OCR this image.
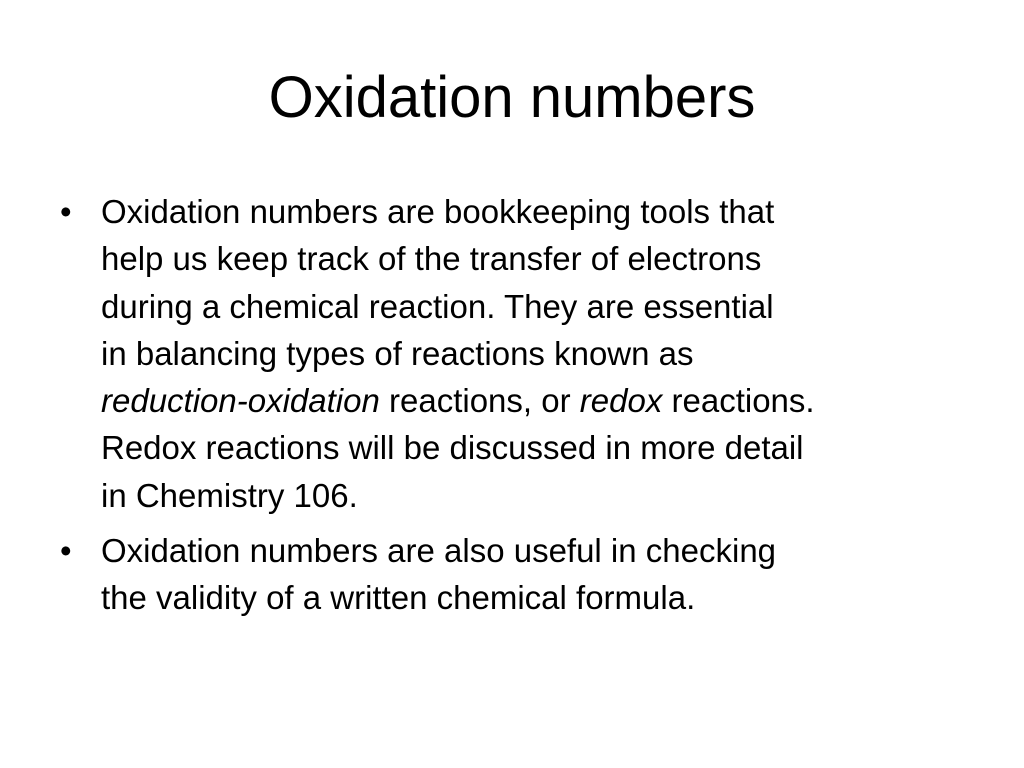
Oxidation numbers
• Oxidation numbers are bookkeeping tools that
help us keep track of the transfer of electrons
during a chemical reaction. They are essential
in balancing types of reactions known as
reduction-oxidation reactions, or redox reactions.
Redox reactions will be discussed in more detail
in Chemistry 106.
• Oxidation numbers are also useful in checking
the validity of a written chemical formula.
